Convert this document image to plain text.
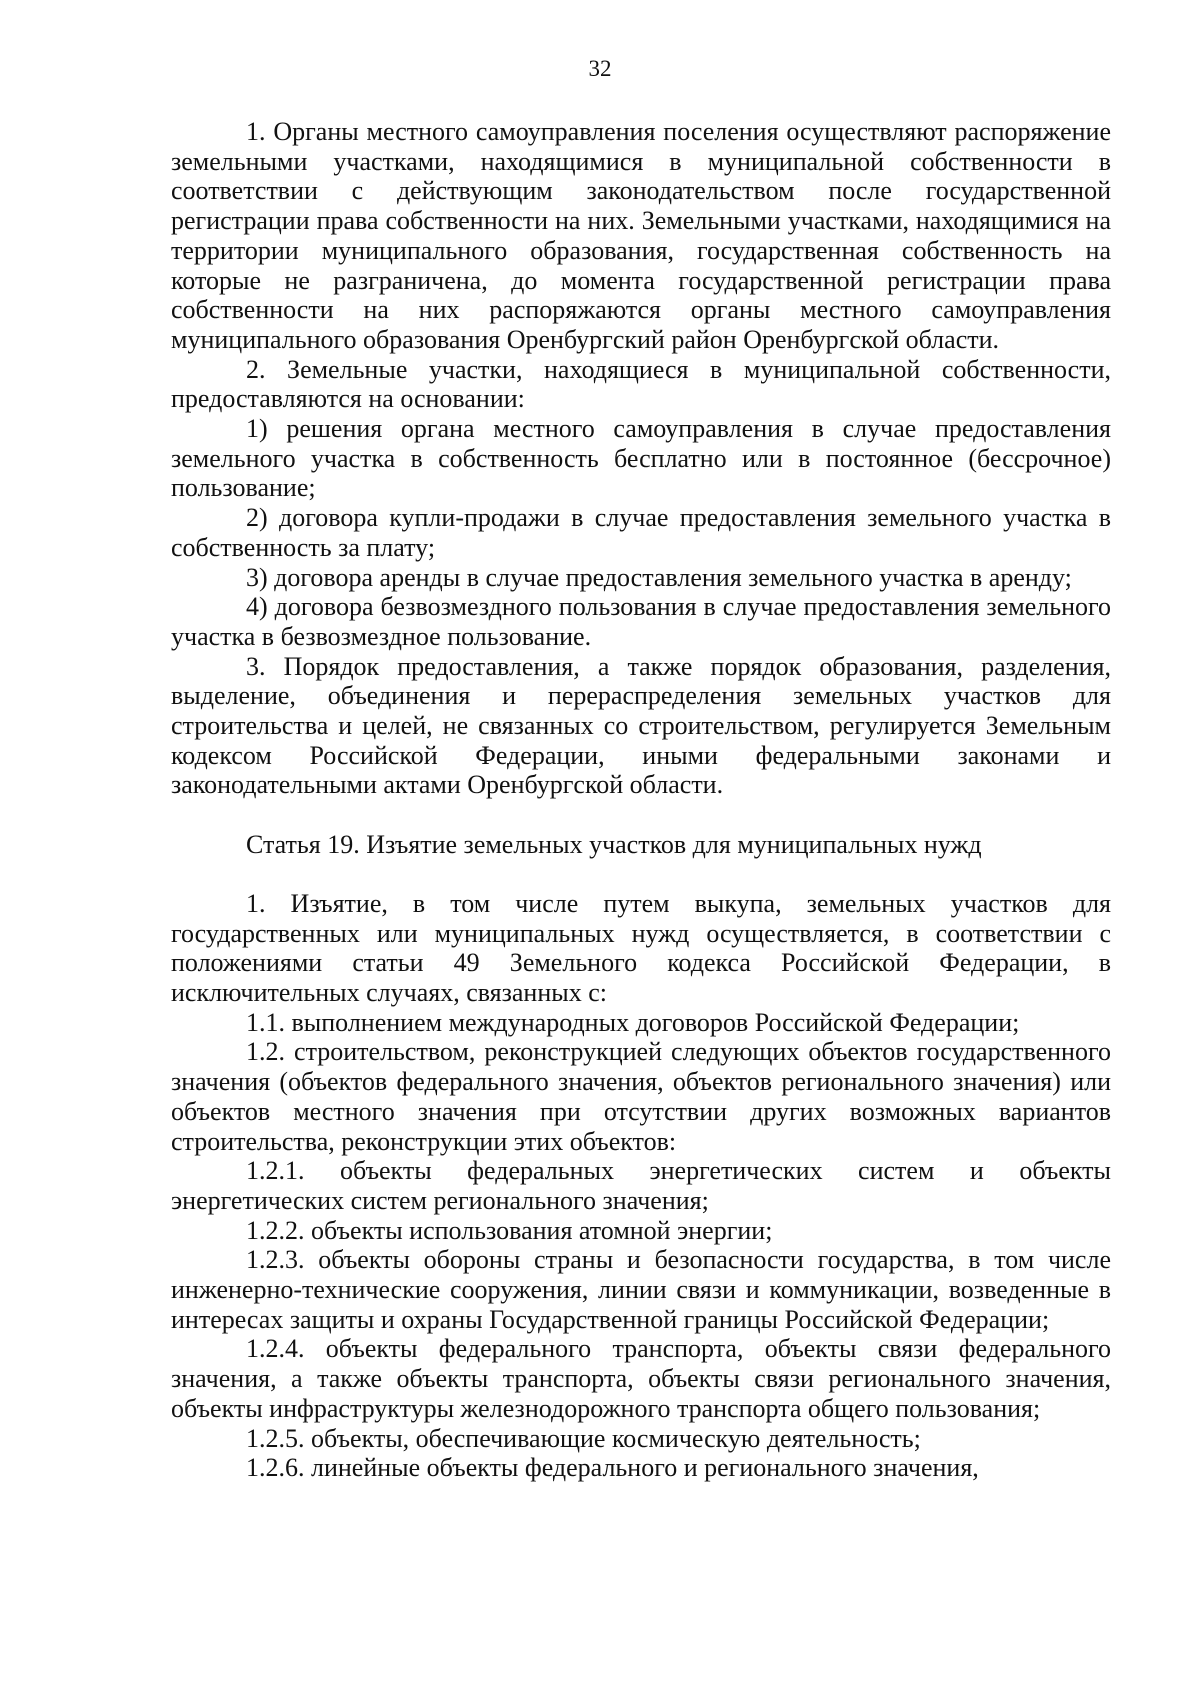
32

1. Органы местного самоуправления поселения осуществляют распоряжение земельными участками, находящимися в муниципальной собственности в соответствии с действующим законодательством после государственной регистрации права собственности на них. Земельными участками, находящимися на территории муниципального образования, государственная собственность на которые не разграничена, до момента государственной регистрации права собственности на них распоряжаются органы местного самоуправления муниципального образования Оренбургский район Оренбургской области.

2. Земельные участки, находящиеся в муниципальной собственности, предоставляются на основании:

1) решения органа местного самоуправления в случае предоставления земельного участка в собственность бесплатно или в постоянное (бессрочное) пользование;

2) договора купли-продажи в случае предоставления земельного участка в собственность за плату;

3) договора аренды в случае предоставления земельного участка в аренду;

4) договора безвозмездного пользования в случае предоставления земельного участка в безвозмездное пользование.

3. Порядок предоставления, а также порядок образования, разделения, выделение, объединения и перераспределения земельных участков для строительства и целей, не связанных со строительством, регулируется Земельным кодексом Российской Федерации, иными федеральными законами и законодательными актами Оренбургской области.

Статья 19. Изъятие земельных участков для муниципальных нужд

1. Изъятие, в том числе путем выкупа, земельных участков для государственных или муниципальных нужд осуществляется, в соответствии с положениями статьи 49 Земельного кодекса Российской Федерации, в исключительных случаях, связанных с:

1.1. выполнением международных договоров Российской Федерации;

1.2. строительством, реконструкцией следующих объектов государственного значения (объектов федерального значения, объектов регионального значения) или объектов местного значения при отсутствии других возможных вариантов строительства, реконструкции этих объектов:

1.2.1. объекты федеральных энергетических систем и объекты энергетических систем регионального значения;

1.2.2. объекты использования атомной энергии;

1.2.3. объекты обороны страны и безопасности государства, в том числе инженерно-технические сооружения, линии связи и коммуникации, возведенные в интересах защиты и охраны Государственной границы Российской Федерации;

1.2.4. объекты федерального транспорта, объекты связи федерального значения, а также объекты транспорта, объекты связи регионального значения, объекты инфраструктуры железнодорожного транспорта общего пользования;

1.2.5. объекты, обеспечивающие космическую деятельность;

1.2.6. линейные объекты федерального и регионального значения,
